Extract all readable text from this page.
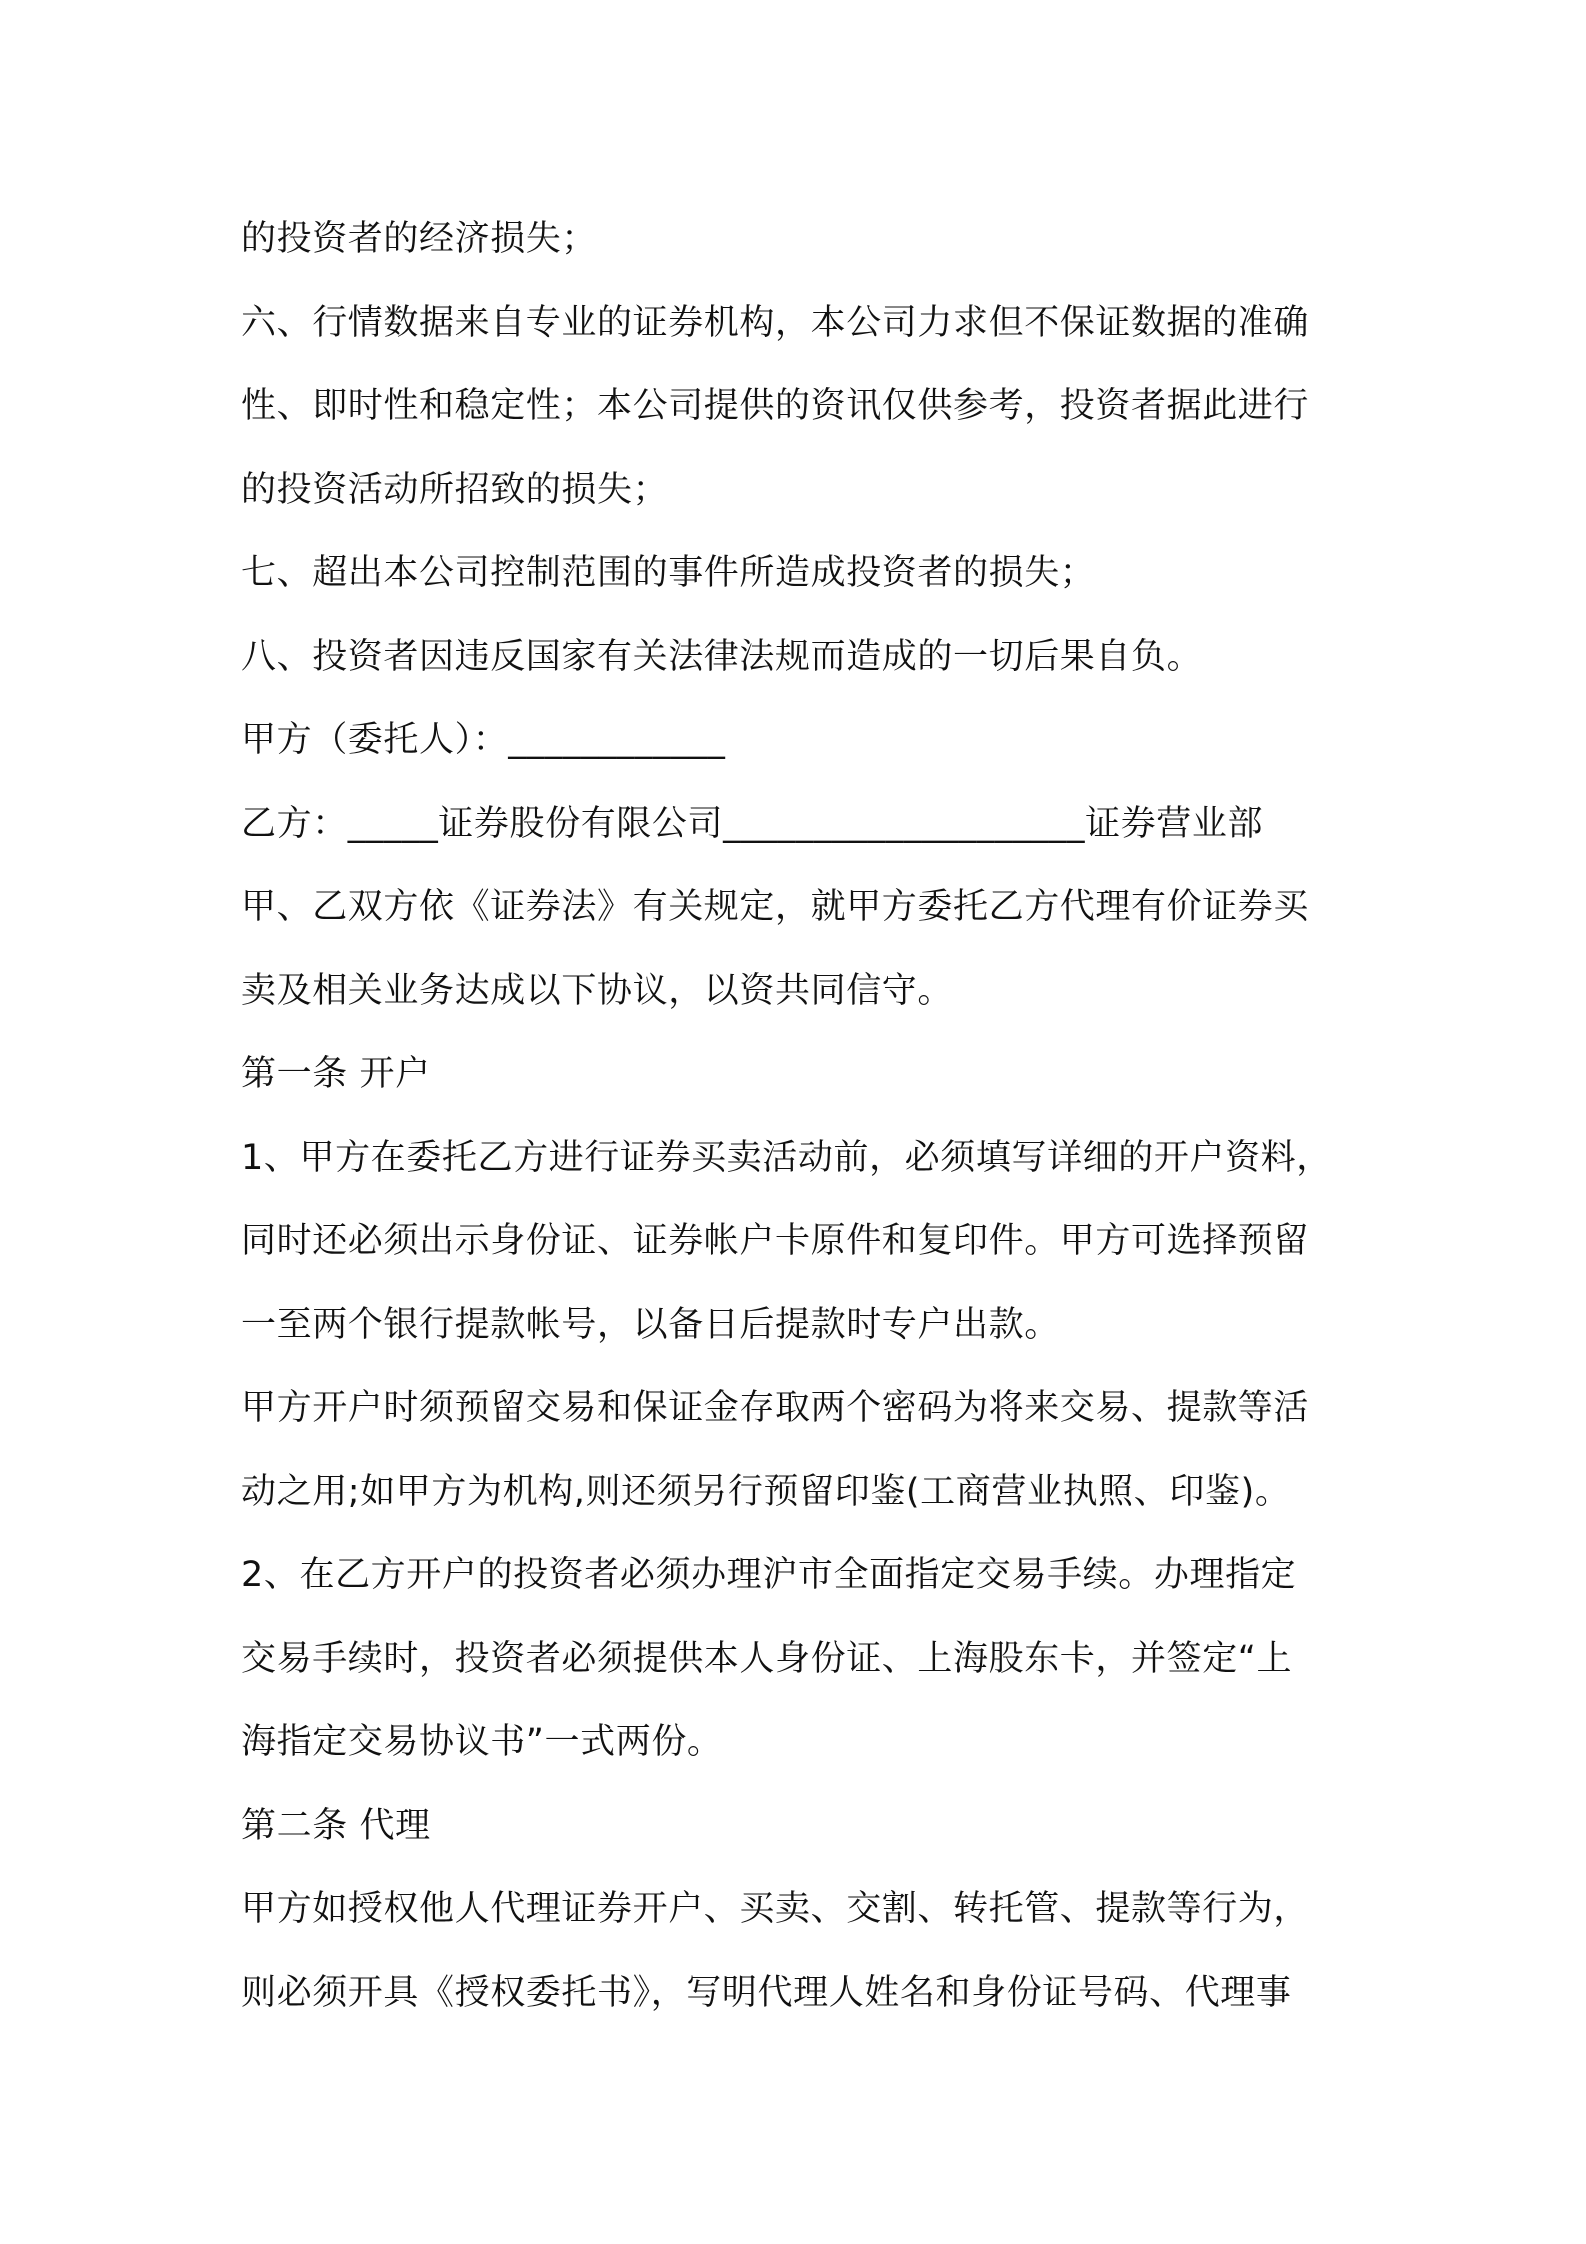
的投资者的经济损失；
六、行情数据来自专业的证券机构，本公司力求但不保证数据的准确
性、即时性和稳定性；本公司提供的资讯仅供参考，投资者据此进行
的投资活动所招致的损失；
七、超出本公司控制范围的事件所造成投资者的损失；
八、投资者因违反国家有关法律法规而造成的一切后果自负。
甲方（委托人）：____________
乙方：_____证券股份有限公司____________________证券营业部
甲、乙双方依《证券法》有关规定，就甲方委托乙方代理有价证券买
卖及相关业务达成以下协议，以资共同信守。
第一条 开户
1、甲方在委托乙方进行证券买卖活动前，必须填写详细的开户资料，
同时还必须出示身份证、证券帐户卡原件和复印件。甲方可选择预留
一至两个银行提款帐号，以备日后提款时专户出款。
甲方开户时须预留交易和保证金存取两个密码为将来交易、提款等活
动之用;如甲方为机构,则还须另行预留印鉴(工商营业执照、印鉴)。
2、在乙方开户的投资者必须办理沪市全面指定交易手续。办理指定
交易手续时，投资者必须提供本人身份证、上海股东卡，并签定“上
海指定交易协议书”一式两份。
第二条 代理
甲方如授权他人代理证券开户、买卖、交割、转托管、提款等行为，
则必须开具《授权委托书》，写明代理人姓名和身份证号码、代理事
